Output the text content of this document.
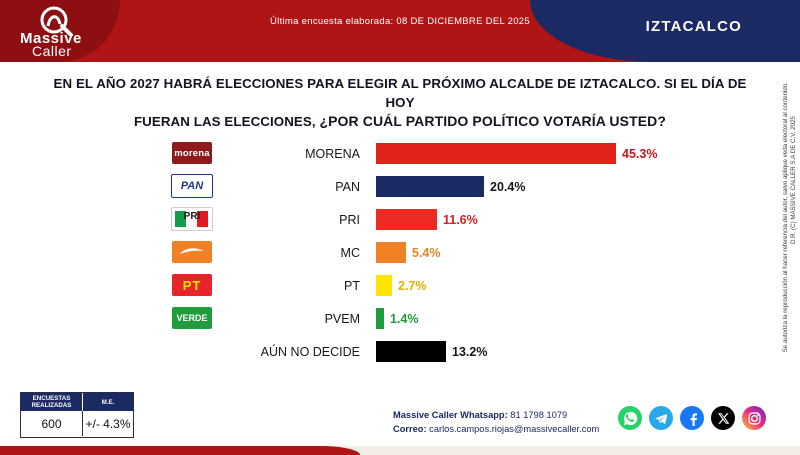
Massive
Caller
Última encuesta elaborada: 08 DE DICIEMBRE DEL 2025	IZTACALCO
EN EL AÑO 2027 HABRÁ ELECCIONES PARA ELEGIR AL PRÓXIMO ALCALDE DE IZTACALCO. SI EL DÍA DE HOY
FUERAN LAS ELECCIONES, ¿POR CUÁL PARTIDO POLÍTICO VOTARÍA USTED?	D.R. (C) MASSIVE CALLER S.A DE C.V. 2025
Se autoriza la reproducción al hacer referencia del autor, salvo aplique veda electoral al contenido.
morena	MORENA	45.3%
PAN	PAN	20.4%
PRI	PRI	11.6%
MC	5.4%
PT	PT	2.7%
VERDE	PVEM	1.4%
AÚN NO DECIDE	13.2%
ENCUESTAS REALIZADAS	M.E.
600	+/- 4.3%
Massive Caller Whatsapp: 81 1798 1079
Correo: carlos.campos.riojas@massivecaller.com
